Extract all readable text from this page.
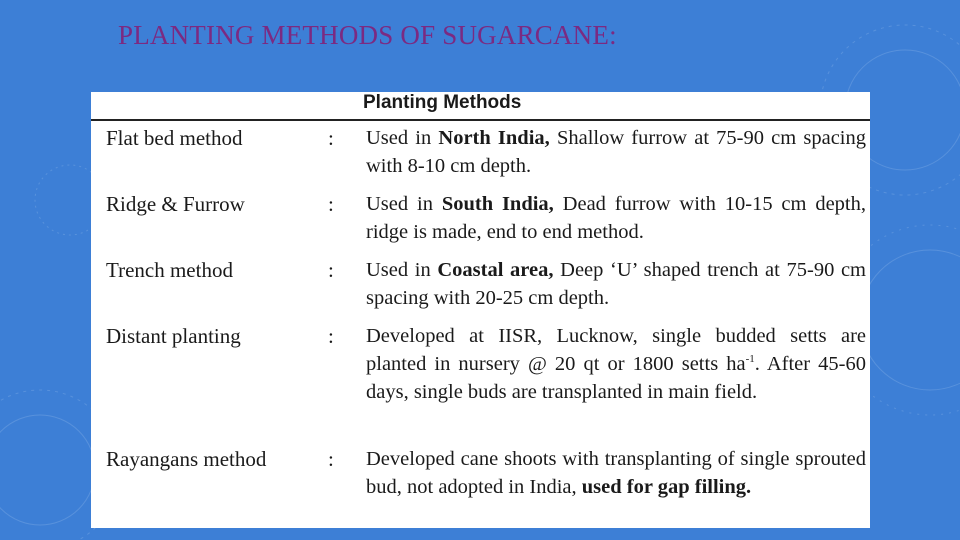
PLANTING METHODS OF SUGARCANE:
Planting Methods
Flat bed method	: Used in North India, Shallow furrow at 75-90 cm spacing with 8-10 cm depth.
Ridge & Furrow	: Used in South India, Dead furrow with 10-15 cm depth, ridge is made, end to end method.
Trench method	: Used in Coastal area, Deep ‘U’ shaped trench at 75-90 cm spacing with 20-25 cm depth.
Distant planting	: Developed at IISR, Lucknow, single budded setts are planted in nursery @ 20 qt or 1800 setts $ha^{-1}$. After 45-60 days, single buds are transplanted in main field.
Rayangans method	: Developed cane shoots with transplanting of single sprouted bud, not adopted in India, used for gap filling.
